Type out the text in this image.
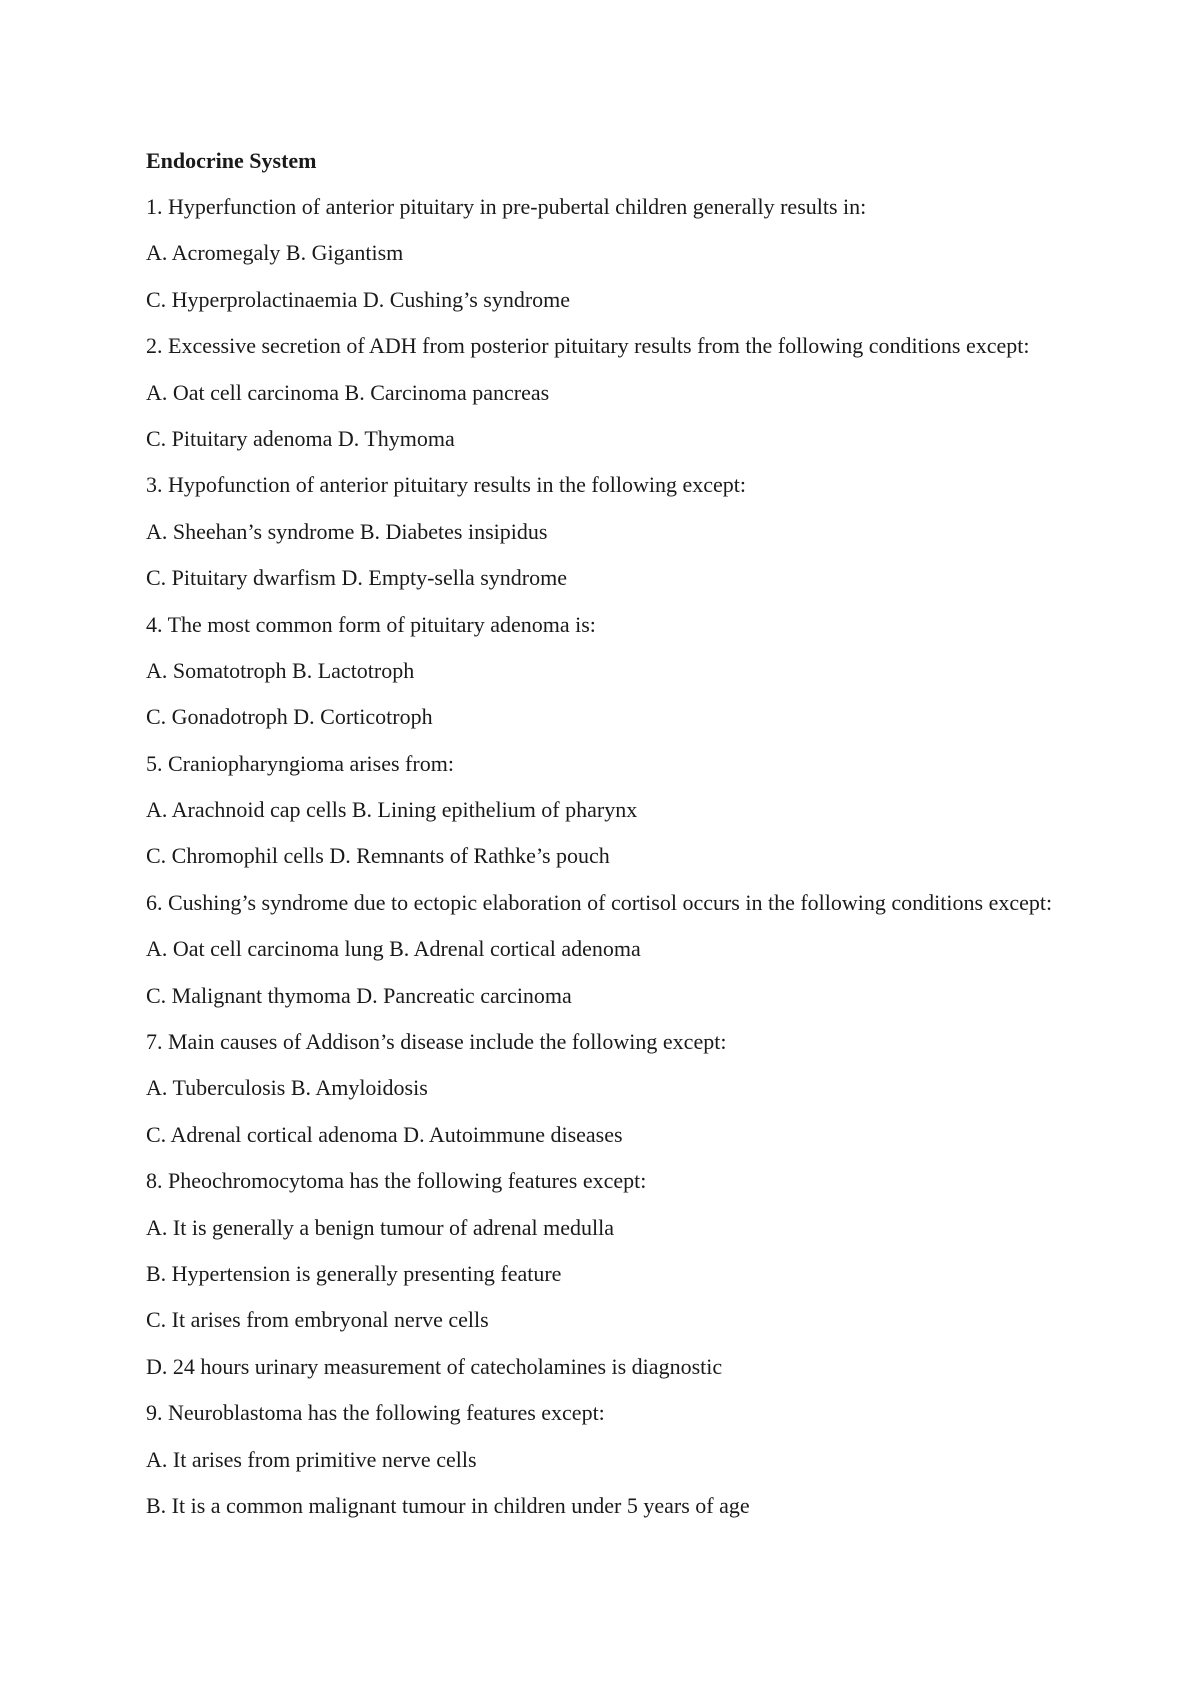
Endocrine System
1. Hyperfunction of anterior pituitary in pre-pubertal children generally results in:
A. Acromegaly B. Gigantism
C. Hyperprolactinaemia D. Cushing’s syndrome
2. Excessive secretion of ADH from posterior pituitary results from the following conditions except:
A. Oat cell carcinoma B. Carcinoma pancreas
C. Pituitary adenoma D. Thymoma
3. Hypofunction of anterior pituitary results in the following except:
A. Sheehan’s syndrome B. Diabetes insipidus
C. Pituitary dwarfism D. Empty-sella syndrome
4. The most common form of pituitary adenoma is:
A. Somatotroph B. Lactotroph
C. Gonadotroph D. Corticotroph
5. Craniopharyngioma arises from:
A. Arachnoid cap cells B. Lining epithelium of pharynx
C. Chromophil cells D. Remnants of Rathke’s pouch
6. Cushing’s syndrome due to ectopic elaboration of cortisol occurs in the following conditions except:
A. Oat cell carcinoma lung B. Adrenal cortical adenoma
C. Malignant thymoma D. Pancreatic carcinoma
7. Main causes of Addison’s disease include the following except:
A. Tuberculosis B. Amyloidosis
C. Adrenal cortical adenoma D. Autoimmune diseases
8. Pheochromocytoma has the following features except:
A. It is generally a benign tumour of adrenal medulla
B. Hypertension is generally presenting feature
C. It arises from embryonal nerve cells
D. 24 hours urinary measurement of catecholamines is diagnostic
9. Neuroblastoma has the following features except:
A. It arises from primitive nerve cells
B. It is a common malignant tumour in children under 5 years of age
